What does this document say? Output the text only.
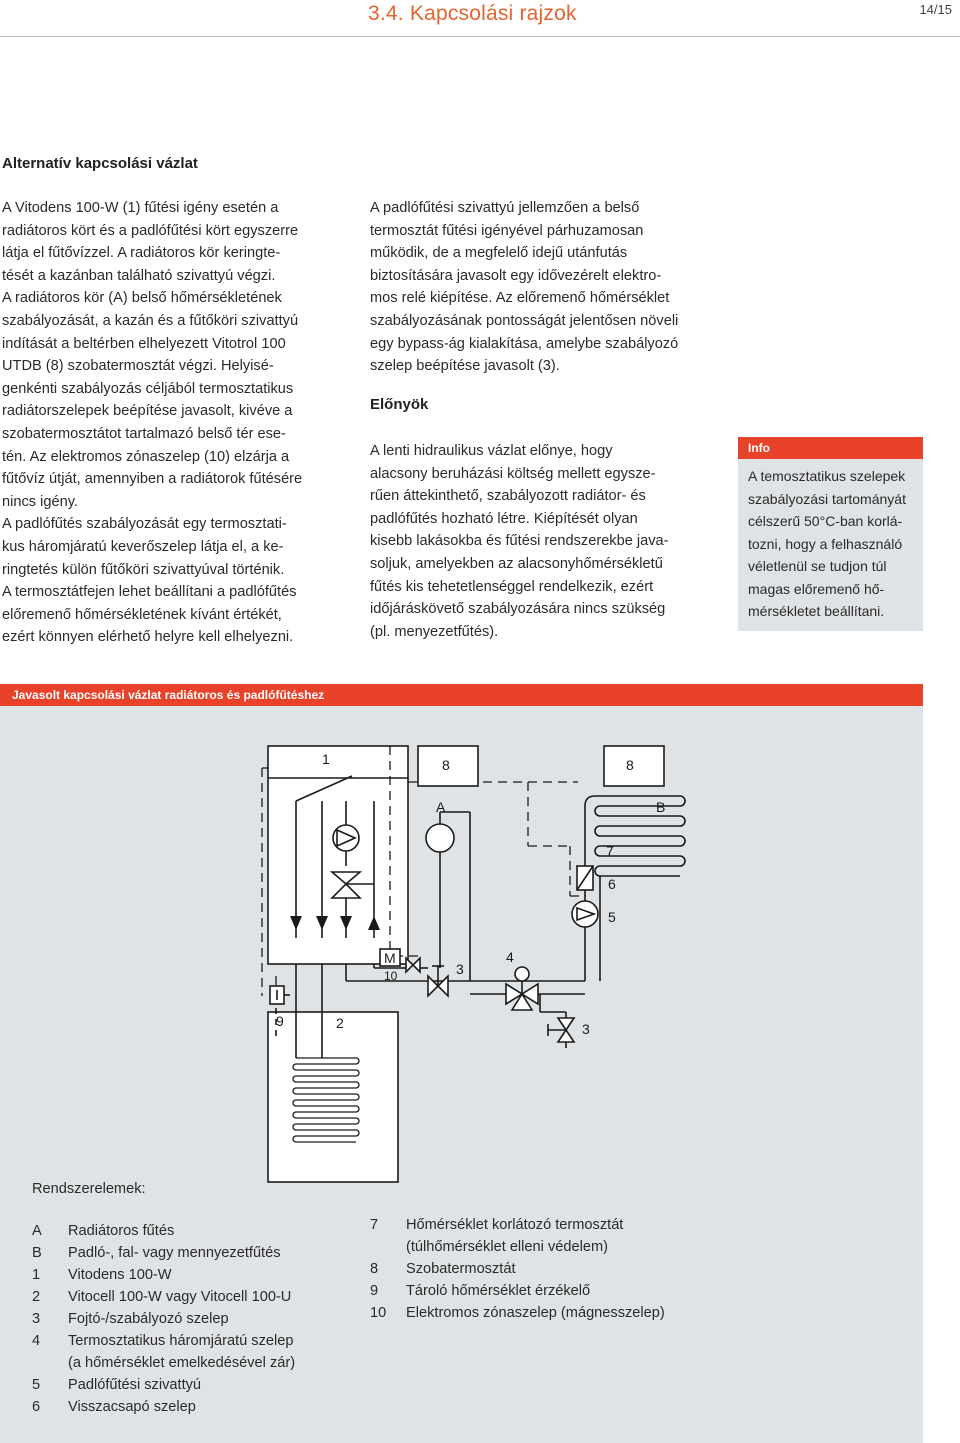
3.4. Kapcsolási rajzok	14/15
Alternatív kapcsolási vázlat

A Vitodens 100-W (1) fűtési igény esetén a

radiátoros kört és a padlófűtési kört egyszerre

látja el fűtővízzel. A radiátoros kör keringte-

tését a kazánban található szivattyú végzi.

A radiátoros kör (A) belső hőmérsékletének

szabályozását, a kazán és a fűtőköri szivattyú

indítását a beltérben elhelyezett Vitotrol 100

UTDB (8) szobatermosztát végzi. Helyisé-

genkénti szabályozás céljából termosztatikus

radiátorszelepek beépítése javasolt, kivéve a

szobatermosztátot tartalmazó belső tér ese-

tén. Az elektromos zónaszelep (10) elzárja a

fűtővíz útját, amennyiben a radiátorok fűtésére

nincs igény.

A padlófűtés szabályozását egy termosztati-

kus háromjáratú keverőszelep látja el, a ke-

ringtetés külön fűtőköri szivattyúval történik.

A termosztátfejen lehet beállítani a padlófűtés

előremenő hőmérsékletének kívánt értékét,

ezért könnyen elérhető helyre kell elhelyezni.

A padlófűtési szivattyú jellemzően a belső

termosztát fűtési igényével párhuzamosan

működik, de a megfelelő idejű utánfutás

biztosítására javasolt egy idővezérelt elektro-

mos relé kiépítése. Az előremenő hőmérséklet

szabályozásának pontosságát jelentősen növeli

egy bypass-ág kialakítása, amelybe szabályozó

szelep beépítése javasolt (3).

Előnyök

A lenti hidraulikus vázlat előnye, hogy

alacsony beruházási költség mellett egysze-

rűen áttekinthető, szabályozott radiátor- és

padlófűtés hozható létre. Kiépítését olyan

kisebb lakásokba és fűtési rendszerekbe java-

soljuk, amelyekben az alacsonyhőmérsékletű

fűtés kis tehetetlenséggel rendelkezik, ezért

időjáráskövető szabályozására nincs szükség

(pl. menyezetfűtés).

Info
A temosztatikus szelepek
szabályozási tartományát
célszerű 50°C-ban korlá-
tozni, hogy a felhasználó
véletlenül se tudjon túl
magas előremenő hő-
mérsékletet beállítani.
Javasolt kapcsolási vázlat radiátoros és padlófűtéshez
1	8	8
A	B
7
6
5
M
10	3
4
9	2	3
Rendszerelemek:
A	Radiátoros fűtés
B	Padló-, fal- vagy mennyezetfűtés
1	Vitodens 100-W
2	Vitocell 100-W vagy Vitocell 100-U
3	Fojtó-/szabályozó szelep
4	Termosztatikus háromjáratú szelep
(a hőmérséklet emelkedésével zár)
5	Padlófűtési szivattyú
6	Visszacsapó szelep
7	Hőmérséklet korlátozó termosztát
(túlhőmérséklet elleni védelem)
8	Szobatermosztát
9	Tároló hőmérséklet érzékelő
10	Elektromos zónaszelep (mágnesszelep)
